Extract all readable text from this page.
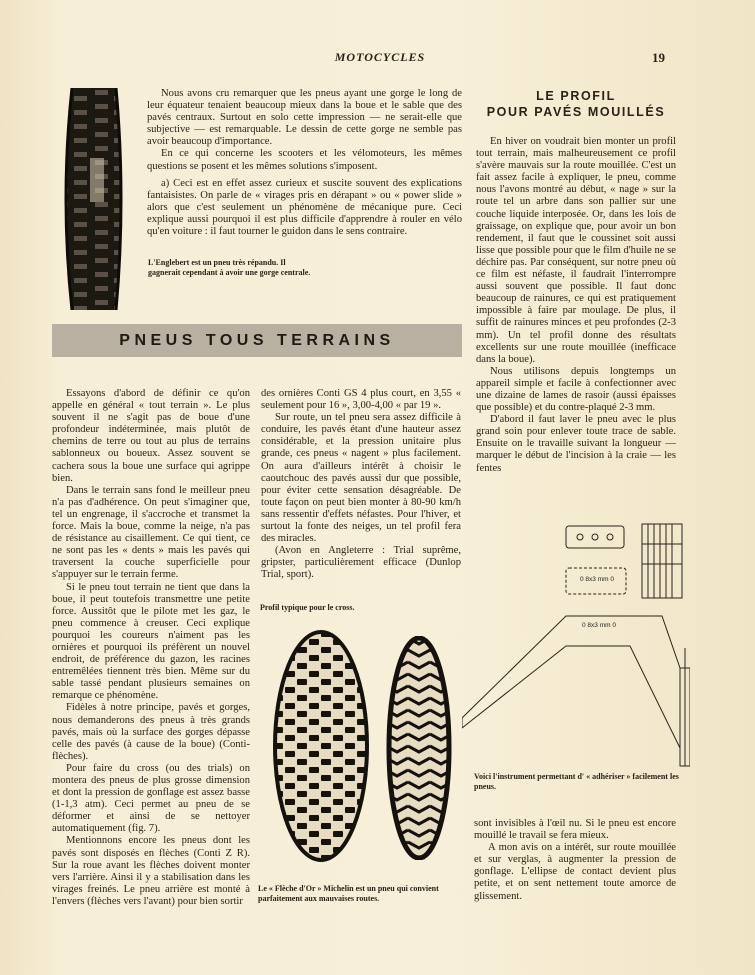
MOTOCYCLES	19

L'Englebert est un pneu très répandu. Il gagnerait cependant à avoir une gorge centrale.

Nous avons cru remarquer que les pneus ayant une gorge le long de leur équateur tenaient beaucoup mieux dans la boue et le sable que des pavés centraux. Surtout en solo cette impression — ne serait-elle que subjective — est remarquable. Le dessin de cette gorge ne semble pas avoir beaucoup d'importance.

En ce qui concerne les scooters et les vélomoteurs, les mêmes questions se posent et les mêmes solutions s'imposent.

a) Ceci est en effet assez curieux et suscite souvent des explications fantaisistes. On parle de « virages pris en dérapant » ou « power slide » alors que c'est seulement un phénomène de mécanique pure. Ceci explique aussi pourquoi il est plus difficile d'apprendre à rouler en vélo qu'en voiture : il faut tourner le guidon dans le sens contraire.

LE PROFIL
POUR PAVÉS MOUILLÉS

En hiver on voudrait bien monter un profil tout terrain, mais malheureusement ce profil s'avère mauvais sur la route mouillée. C'est un fait assez facile à expliquer, le pneu, comme nous l'avons montré au début, « nage » sur la route tel un arbre dans son pallier sur une couche liquide interposée. Or, dans les lois de graissage, on explique que, pour avoir un bon rendement, il faut que le coussinet soit aussi lisse que possible pour que le film d'huile ne se déchire pas. Par conséquent, sur notre pneu où ce film est néfaste, il faudrait l'interrompre aussi souvent que possible. Il faut donc beaucoup de rainures, ce qui est pratiquement impossible à faire par moulage. De plus, il suffit de rainures minces et peu profondes (2-3 mm). Un tel profil donne des résultats excellents sur une route mouillée (inefficace dans la boue).

Nous utilisons depuis longtemps un appareil simple et facile à confectionner avec une dizaine de lames de rasoir (aussi épaisses que possible) et du contre-plaqué 2-3 mm.

D'abord il faut laver le pneu avec le plus grand soin pour enlever toute trace de sable. Ensuite on le travaille suivant la longueur — marquer le début de l'incision à la craie — les fentes

PNEUS TOUS TERRAINS

Essayons d'abord de définir ce qu'on appelle en général « tout terrain ». Le plus souvent il ne s'agit pas de boue d'une profondeur indéterminée, mais plutôt de chemins de terre ou tout au plus de terrains sablonneux ou boueux. Assez souvent se cachera sous la boue une surface qui agrippe bien.

Dans le terrain sans fond le meilleur pneu n'a pas d'adhérence. On peut s'imaginer que, tel un engrenage, il s'accroche et transmet la force. Mais la boue, comme la neige, n'a pas de résistance au cisaillement. Ce qui tient, ce ne sont pas les « dents » mais les pavés qui traversent la couche superficielle pour s'appuyer sur le terrain ferme.

Si le pneu tout terrain ne tient que dans la boue, il peut toutefois transmettre une petite force. Aussitôt que le pilote met les gaz, le pneu commence à creuser. Ceci explique pourquoi les coureurs n'aiment pas les ornières et pourquoi ils préfèrent un nouvel endroit, de préférence du gazon, les racines entremêlées tiennent très bien. Même sur du sable tassé pendant plusieurs semaines on remarque ce phénomène.

Fidèles à notre principe, pavés et gorges, nous demanderons des pneus à très grands pavés, mais où la surface des gorges dépasse celle des pavés (à cause de la boue) (Conti-flèches).

Pour faire du cross (ou des trials) on montera des pneus de plus grosse dimension et dont la pression de gonflage est assez basse (1-1,3 atm). Ceci permet au pneu de se déformer et ainsi de se nettoyer automatiquement (fig. 7).

Mentionnons encore les pneus dont les pavés sont disposés en flèches (Conti Z R). Sur la roue avant les flèches doivent monter vers l'arrière. Ainsi il y a stabilisation dans les virages freinés. Le pneu arrière est monté à l'envers (flèches vers l'avant) pour bien sortir

des ornières Conti GS 4 plus court, en 3,55 « seulement pour 16 », 3,00-4,00 « par 19 ».

Sur route, un tel pneu sera assez difficile à conduire, les pavés étant d'une hauteur assez considérable, et la pression unitaire plus grande, ces pneus « nagent » plus facilement. On aura d'ailleurs intérêt à choisir le caoutchouc des pavés aussi dur que possible, pour éviter cette sensation désagréable. De toute façon on peut bien monter à 80-90 km/h sans ressentir d'effets néfastes. Pour l'hiver, et surtout la fonte des neiges, un tel profil fera des miracles.

(Avon en Angleterre : Trial suprême, gripster, particulièrement efficace (Dunlop Trial, sport).

Profil typique pour le cross.

Le « Flèche d'Or » Michelin est un pneu qui convient parfaitement aux mauvaises routes.

0 8x3 mm 0
0 8x3 mm 0

Voici l'instrument permettant d' « adhériser » facilement les pneus.

sont invisibles à l'œil nu. Si le pneu est encore mouillé le travail se fera mieux.

A mon avis on a intérêt, sur route mouillée et sur verglas, à augmenter la pression de gonflage. L'ellipse de contact devient plus petite, et on sent nettement toute amorce de glissement.
